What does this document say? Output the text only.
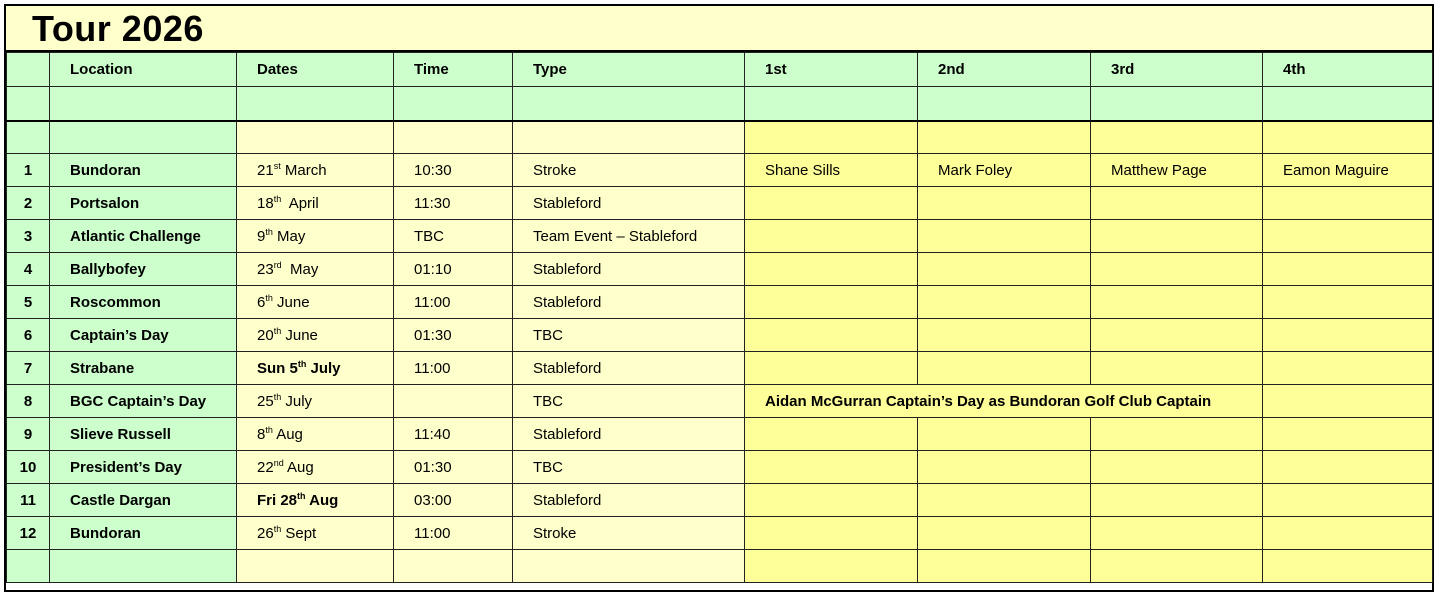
Tour 2026
	Location	Dates	Time	Type	1st	2nd	3rd	4th

1	Bundoran	21st March	10:30	Stroke	Shane Sills	Mark Foley	Matthew Page	Eamon Maguire
2	Portsalon	18th  April	11:30	Stableford				
3	Atlantic Challenge	9th May	TBC	Team Event – Stableford				
4	Ballybofey	23rd  May	01:10	Stableford				
5	Roscommon	6th June	11:00	Stableford				
6	Captain’s Day	20th June	01:30	TBC				
7	Strabane	Sun 5th July	11:00	Stableford				
8	BGC Captain’s Day	25th July		TBC	Aidan McGurran Captain’s Day as Bundoran Golf Club Captain			
9	Slieve Russell	8th Aug	11:40	Stableford				
10	President’s Day	22nd Aug	01:30	TBC				
11	Castle Dargan	Fri 28th Aug	03:00	Stableford				
12	Bundoran	26th Sept	11:00	Stroke				
